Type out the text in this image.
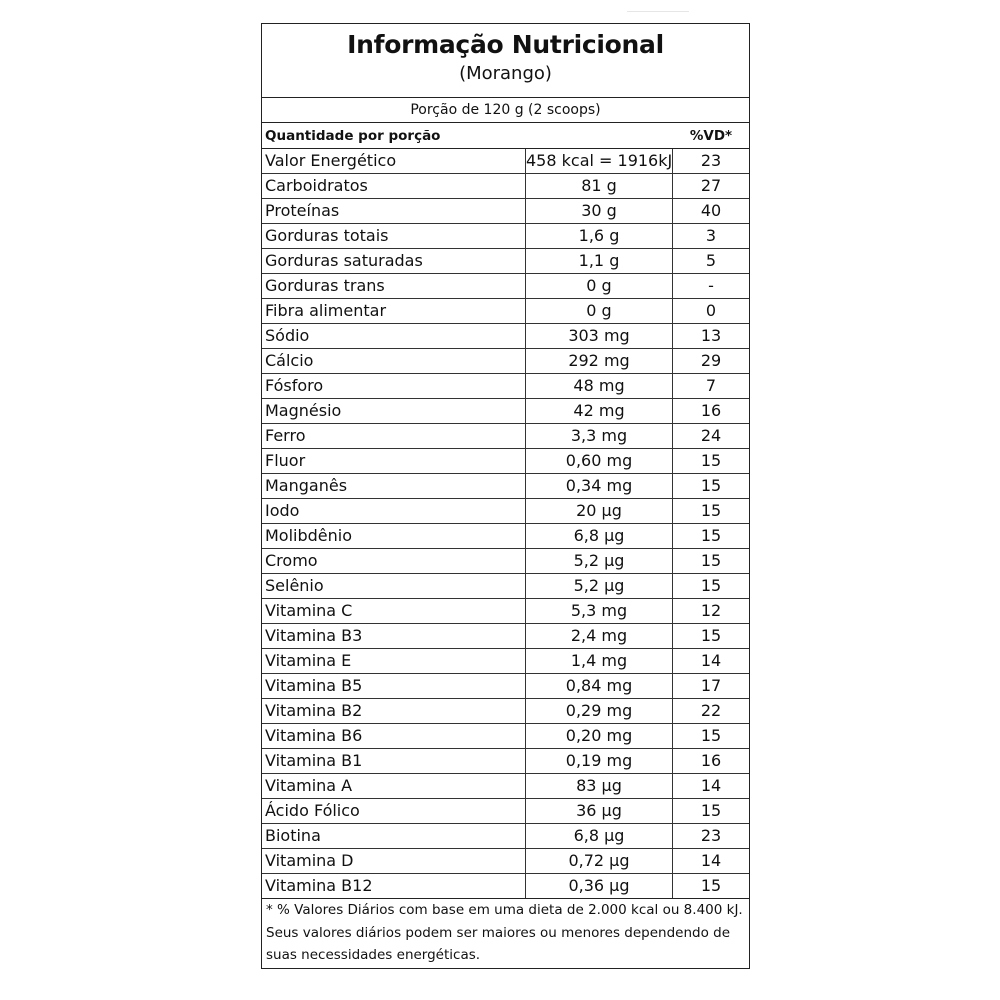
Informação Nutricional
(Morango)
Porção de 120 g (2 scoops)
Quantidade por porção	%VD*
Valor Energético	458 kcal = 1916kJ	23
Carboidratos	81 g	27
Proteínas	30 g	40
Gorduras totais	1,6 g	3
Gorduras saturadas	1,1 g	5
Gorduras trans	0 g	-
Fibra alimentar	0 g	0
Sódio	303 mg	13
Cálcio	292 mg	29
Fósforo	48 mg	7
Magnésio	42 mg	16
Ferro	3,3 mg	24
Fluor	0,60 mg	15
Manganês	0,34 mg	15
Iodo	20 µg	15
Molibdênio	6,8 µg	15
Cromo	5,2 µg	15
Selênio	5,2 µg	15
Vitamina C	5,3 mg	12
Vitamina B3	2,4 mg	15
Vitamina E	1,4 mg	14
Vitamina B5	0,84 mg	17
Vitamina B2	0,29 mg	22
Vitamina B6	0,20 mg	15
Vitamina B1	0,19 mg	16
Vitamina A	83 µg	14
Ácido Fólico	36 µg	15
Biotina	6,8 µg	23
Vitamina D	0,72 µg	14
Vitamina B12	0,36 µg	15
* % Valores Diários com base em uma dieta de 2.000 kcal ou 8.400 kJ.
Seus valores diários podem ser maiores ou menores dependendo de
suas necessidades energéticas.
